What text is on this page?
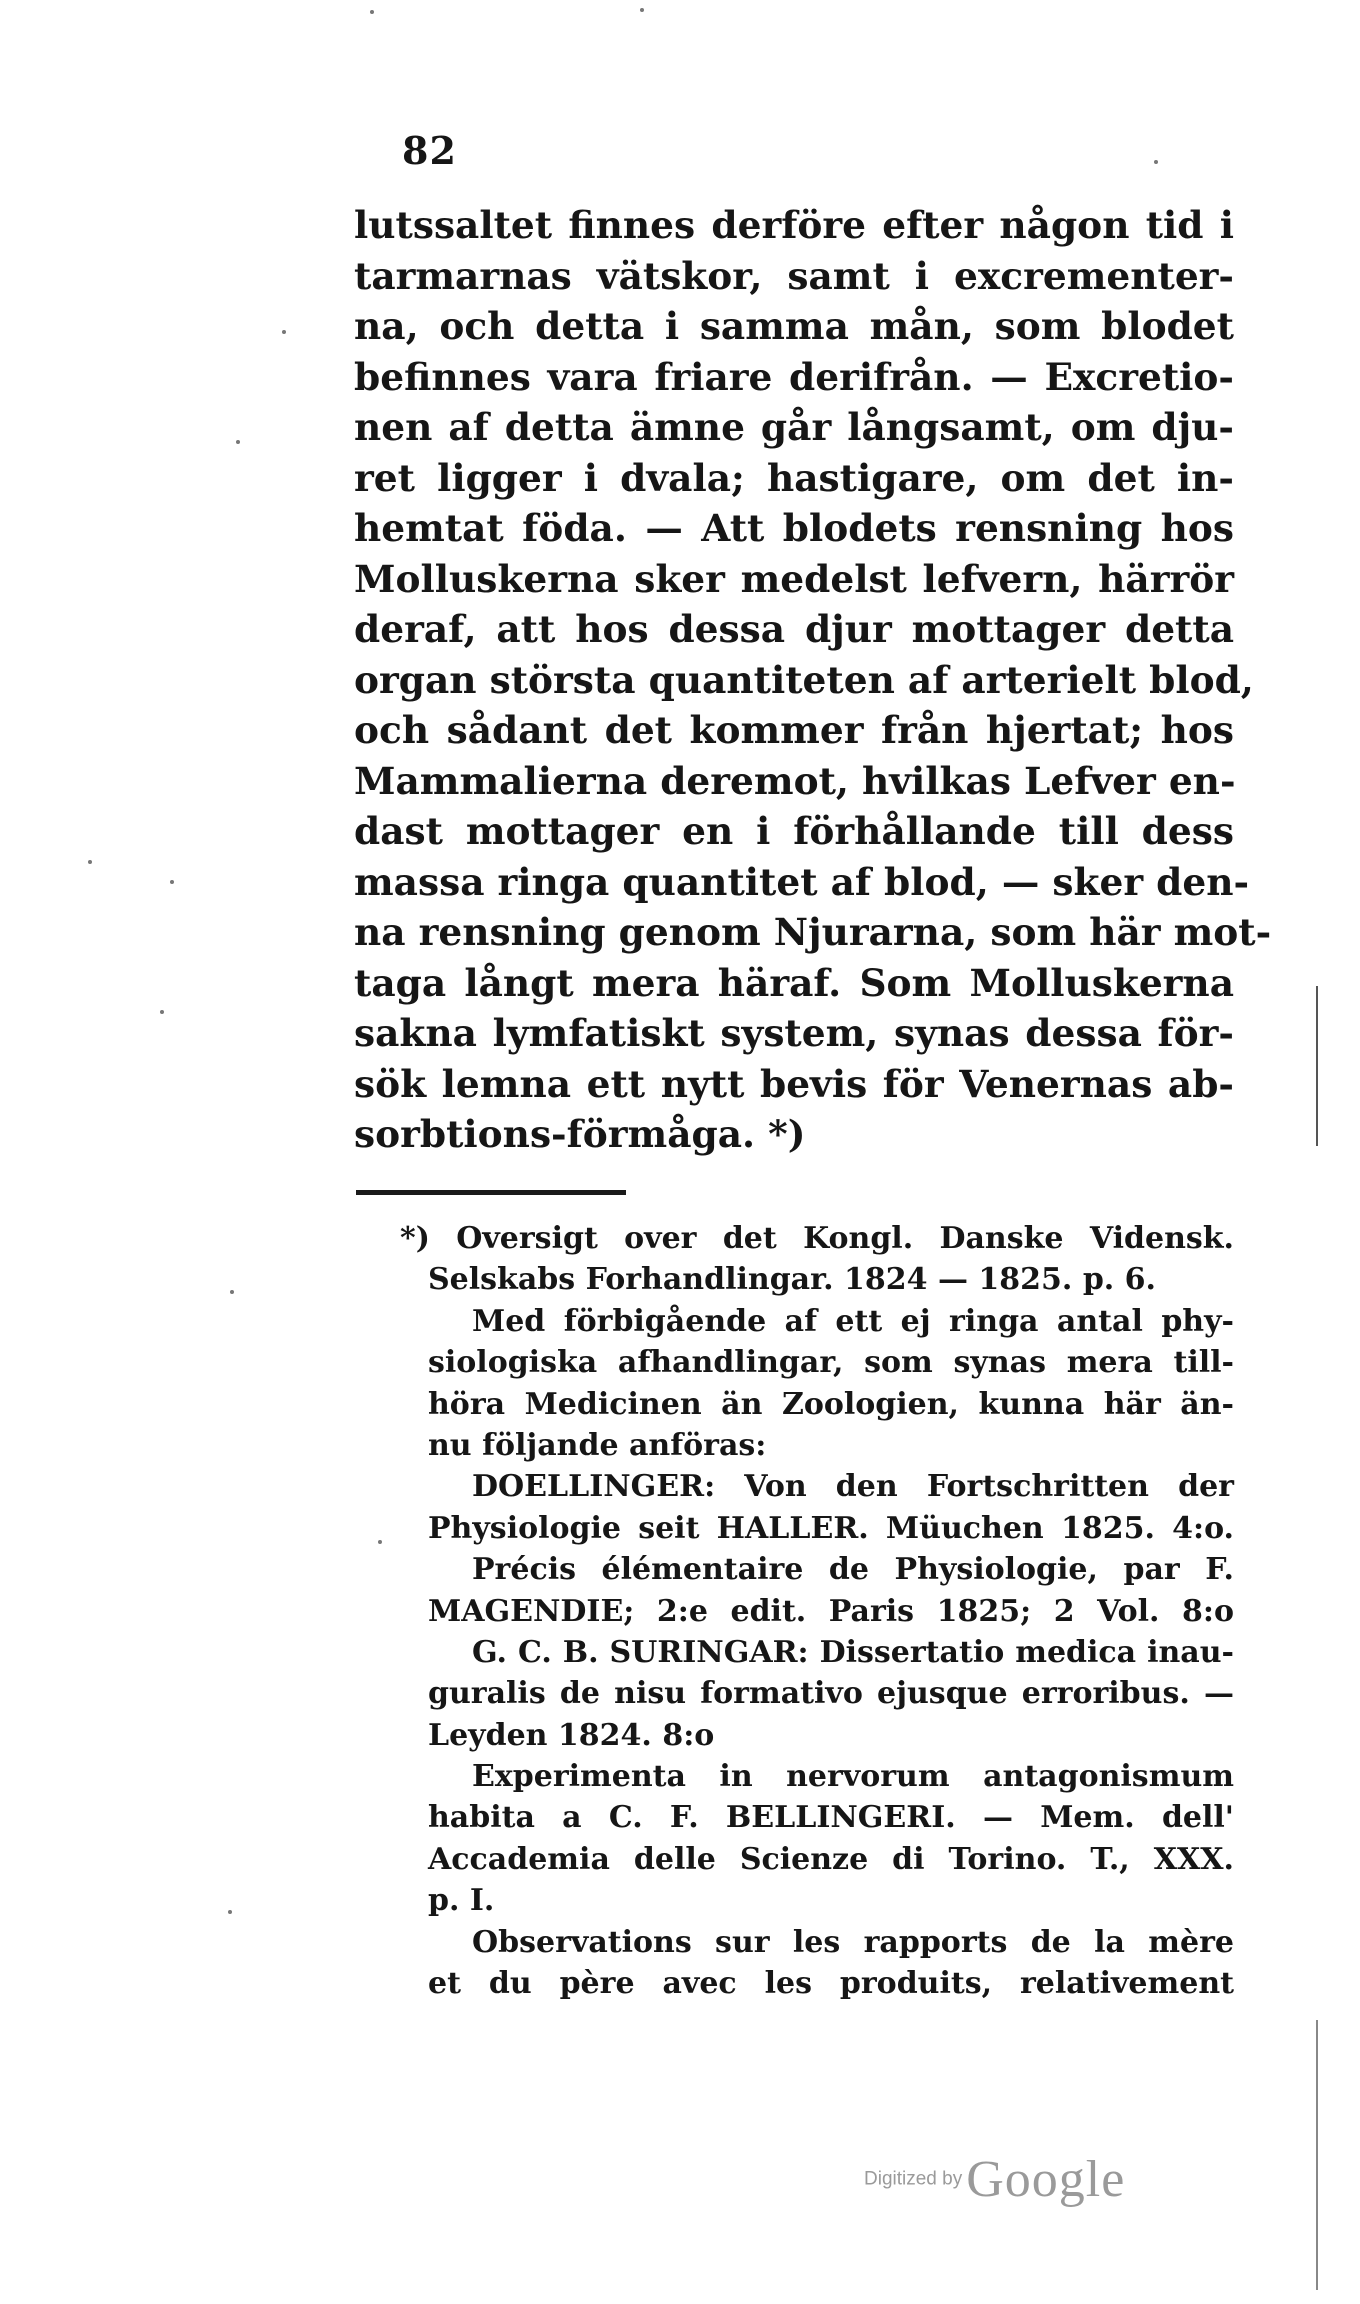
82
lutssaltet finnes derföre efter någon tid i
tarmarnas vätskor, samt i excrementer-
na, och detta i samma mån, som blodet
befinnes vara friare derifrån. — Excretio-
nen af detta ämne går långsamt, om dju-
ret ligger i dvala; hastigare, om det in-
hemtat föda. — Att blodets rensning hos
Molluskerna sker medelst lefvern, härrör
deraf, att hos dessa djur mottager detta
organ största quantiteten af arterielt blod,
och sådant det kommer från hjertat; hos
Mammalierna deremot, hvilkas Lefver en-
dast mottager en i förhållande till dess
massa ringa quantitet af blod, — sker den-
na rensning genom Njurarna, som här mot-
taga långt mera häraf. Som Molluskerna
sakna lymfatiskt system, synas dessa för-
sök lemna ett nytt bevis för Venernas ab-
sorbtions-förmåga. *)
*) Oversigt over det Kongl. Danske Vidensk.
Selskabs Forhandlingar. 1824 — 1825. p. 6.
Med förbigående af ett ej ringa antal phy-
siologiska afhandlingar, som synas mera till-
höra Medicinen än Zoologien, kunna här än-
nu följande anföras:
DOELLINGER: Von den Fortschritten der
Physiologie seit HALLER. Müuchen 1825. 4:o.
Précis élémentaire de Physiologie, par F.
MAGENDIE; 2:e edit. Paris 1825; 2 Vol. 8:o
G. C. B. SURINGAR: Dissertatio medica inau-
guralis de nisu formativo ejusque erroribus. —
Leyden 1824. 8:o
Experimenta in nervorum antagonismum
habita a C. F. BELLINGERI. — Mem. dell'
Accademia delle Scienze di Torino. T., XXX.
p. I.
Observations sur les rapports de la mère
et du père avec les produits, relativement
Digitized by Google
